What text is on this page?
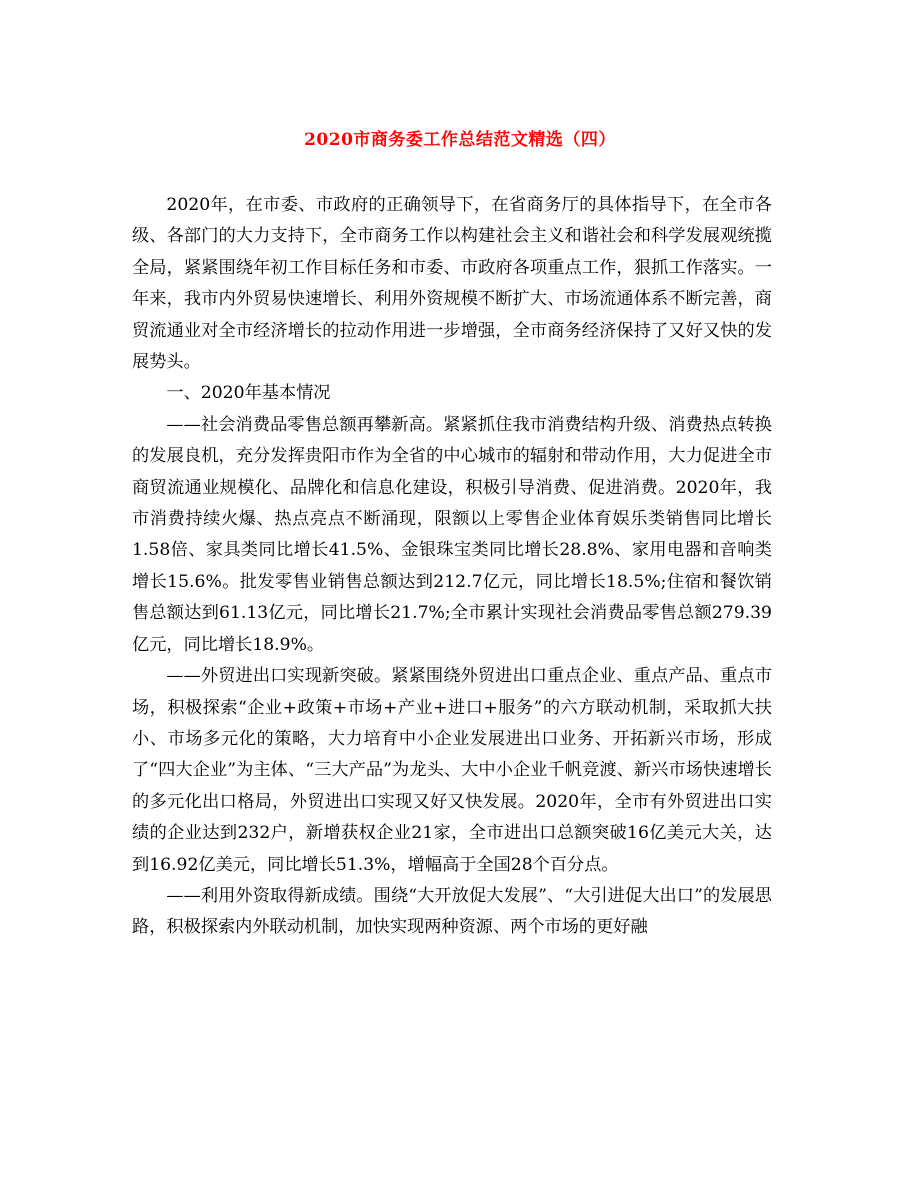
2020市商务委工作总结范文精选（四）

2020年，在市委、市政府的正确领导下，在省商务厅的具体指导下，在全市各级、各部门的大力支持下，全市商务工作以构建社会主义和谐社会和科学发展观统揽全局，紧紧围绕年初工作目标任务和市委、市政府各项重点工作，狠抓工作落实。一年来，我市内外贸易快速增长、利用外资规模不断扩大、市场流通体系不断完善，商贸流通业对全市经济增长的拉动作用进一步增强，全市商务经济保持了又好又快的发展势头。

一、2020年基本情况

——社会消费品零售总额再攀新高。紧紧抓住我市消费结构升级、消费热点转换的发展良机，充分发挥贵阳市作为全省的中心城市的辐射和带动作用，大力促进全市商贸流通业规模化、品牌化和信息化建设，积极引导消费、促进消费。2020年，我市消费持续火爆、热点亮点不断涌现，限额以上零售企业体育娱乐类销售同比增长1.58倍、家具类同比增长41.5%、金银珠宝类同比增长28.8%、家用电器和音响类增长15.6%。批发零售业销售总额达到212.7亿元，同比增长18.5%;住宿和餐饮销售总额达到61.13亿元，同比增长21.7%;全市累计实现社会消费品零售总额279.39亿元，同比增长18.9%。

——外贸进出口实现新突破。紧紧围绕外贸进出口重点企业、重点产品、重点市场，积极探索“企业+政策+市场+产业+进口+服务”的六方联动机制，采取抓大扶小、市场多元化的策略，大力培育中小企业发展进出口业务、开拓新兴市场，形成了“四大企业”为主体、“三大产品”为龙头、大中小企业千帆竞渡、新兴市场快速增长的多元化出口格局，外贸进出口实现又好又快发展。2020年，全市有外贸进出口实绩的企业达到232户，新增获权企业21家，全市进出口总额突破16亿美元大关，达到16.92亿美元，同比增长51.3%，增幅高于全国28个百分点。

——利用外资取得新成绩。围绕“大开放促大发展”、“大引进促大出口”的发展思路，积极探索内外联动机制，加快实现两种资源、两个市场的更好融
